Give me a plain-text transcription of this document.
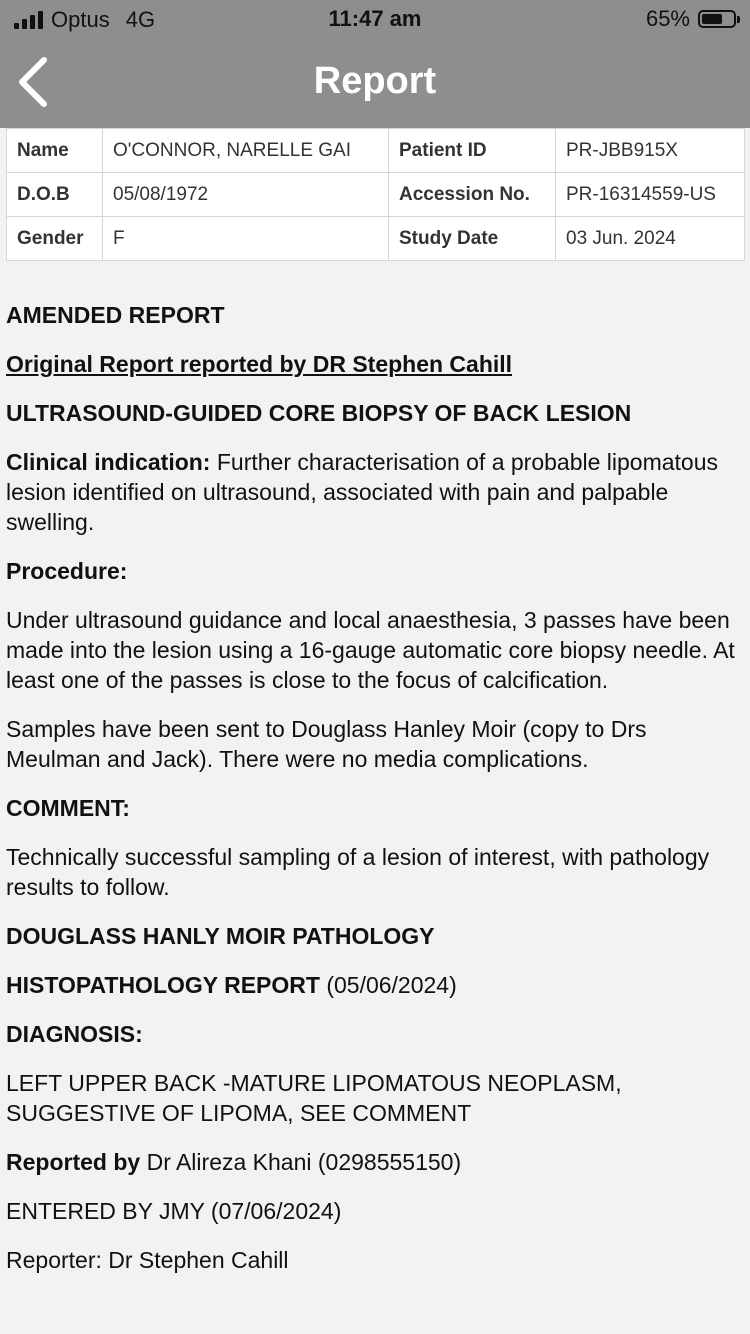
Optus 4G	11:47 am	65%
Report
Name	O'CONNOR, NARELLE GAI	Patient ID	PR-JBB915X
D.O.B	05/08/1972	Accession No.	PR-16314559-US
Gender	F	Study Date	03 Jun. 2024

AMENDED REPORT

Original Report reported by DR Stephen Cahill

ULTRASOUND-GUIDED CORE BIOPSY OF BACK LESION

Clinical indication: Further characterisation of a probable lipomatous lesion identified on ultrasound, associated with pain and palpable swelling.

Procedure:

Under ultrasound guidance and local anaesthesia, 3 passes have been made into the lesion using a 16-gauge automatic core biopsy needle. At least one of the passes is close to the focus of calcification.

Samples have been sent to Douglass Hanley Moir (copy to Drs Meulman and Jack). There were no media complications.

COMMENT:

Technically successful sampling of a lesion of interest, with pathology results to follow.

DOUGLASS HANLY MOIR PATHOLOGY

HISTOPATHOLOGY REPORT (05/06/2024)

DIAGNOSIS:

LEFT UPPER BACK -MATURE LIPOMATOUS NEOPLASM, SUGGESTIVE OF LIPOMA, SEE COMMENT

Reported by Dr Alireza Khani (0298555150)

ENTERED BY JMY (07/06/2024)

Reporter: Dr Stephen Cahill
